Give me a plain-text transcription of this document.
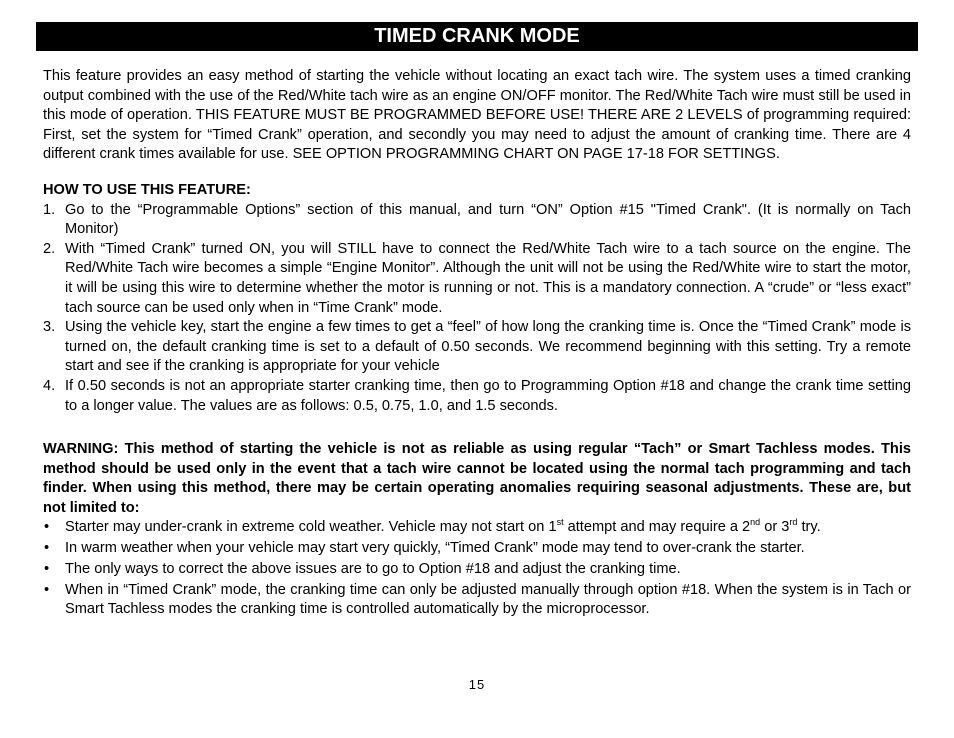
TIMED CRANK MODE

This feature provides an easy method of starting the vehicle without locating an exact tach wire. The system uses a timed cranking output combined with the use of the Red/White tach wire as an engine ON/OFF monitor. The Red/White Tach wire must still be used in this mode of operation. THIS FEATURE MUST BE PROGRAMMED BEFORE USE! THERE ARE 2 LEVELS of programming required: First, set the system for “Timed Crank” operation, and secondly you may need to adjust the amount of cranking time. There are 4 different crank times available for use. SEE OPTION PROGRAMMING CHART ON PAGE 17-18 FOR SETTINGS.

HOW TO USE THIS FEATURE:

1. Go to the “Programmable Options” section of this manual, and turn “ON” Option #15 "Timed Crank". (It is normally on Tach Monitor)
2. With “Timed Crank” turned ON, you will STILL have to connect the Red/White Tach wire to a tach source on the engine. The Red/White Tach wire becomes a simple “Engine Monitor”. Although the unit will not be using the Red/White wire to start the motor, it will be using this wire to determine whether the motor is running or not. This is a mandatory connection. A “crude” or “less exact” tach source can be used only when in “Time Crank” mode.
3. Using the vehicle key, start the engine a few times to get a “feel” of how long the cranking time is. Once the “Timed Crank” mode is turned on, the default cranking time is set to a default of 0.50 seconds. We recommend beginning with this setting. Try a remote start and see if the cranking is appropriate for your vehicle
4. If 0.50 seconds is not an appropriate starter cranking time, then go to Programming Option #18 and change the crank time setting to a longer value. The values are as follows: 0.5, 0.75, 1.0, and 1.5 seconds.

WARNING: This method of starting the vehicle is not as reliable as using regular “Tach” or Smart Tachless modes. This method should be used only in the event that a tach wire cannot be located using the normal tach programming and tach finder. When using this method, there may be certain operating anomalies requiring seasonal adjustments. These are, but not limited to:

• Starter may under-crank in extreme cold weather. Vehicle may not start on 1st attempt and may require a 2nd or 3rd try.
• In warm weather when your vehicle may start very quickly, “Timed Crank” mode may tend to over-crank the starter.
• The only ways to correct the above issues are to go to Option #18 and adjust the cranking time.
• When in “Timed Crank” mode, the cranking time can only be adjusted manually through option #18. When the system is in Tach or Smart Tachless modes the cranking time is controlled automatically by the microprocessor.
15
